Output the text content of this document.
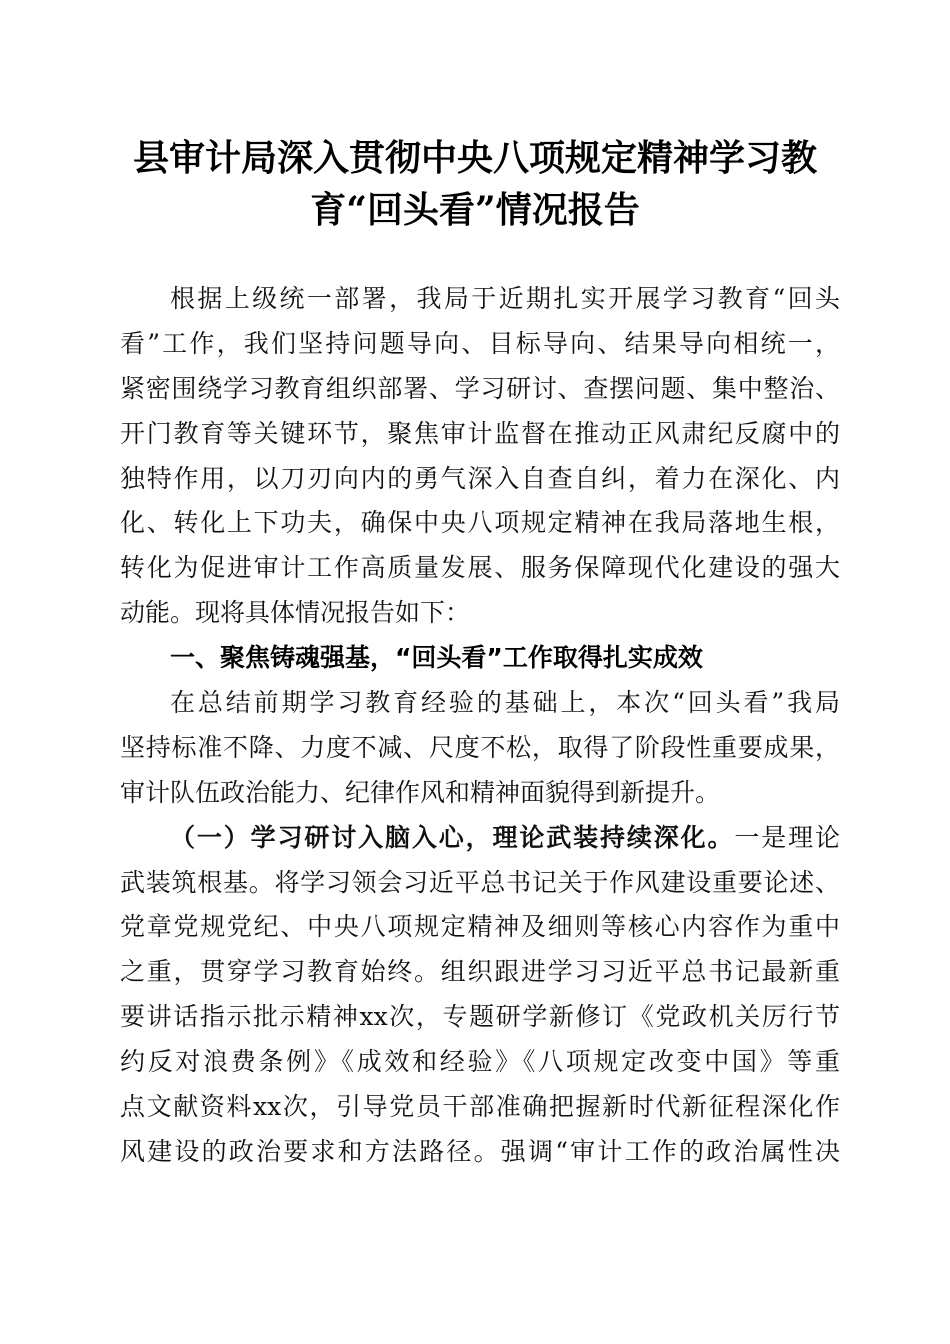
县审计局深入贯彻中央八项规定精神学习教
育“回头看”情况报告
根据上级统一部署，我局于近期扎实开展学习教育“回头
看”工作，我们坚持问题导向、目标导向、结果导向相统一，
紧密围绕学习教育组织部署、学习研讨、查摆问题、集中整治、
开门教育等关键环节，聚焦审计监督在推动正风肃纪反腐中的
独特作用，以刀刃向内的勇气深入自查自纠，着力在深化、内
化、转化上下功夫，确保中央八项规定精神在我局落地生根，
转化为促进审计工作高质量发展、服务保障现代化建设的强大
动能。现将具体情况报告如下：
一、聚焦铸魂强基，“回头看”工作取得扎实成效
在总结前期学习教育经验的基础上，本次“回头看”我局
坚持标准不降、力度不减、尺度不松，取得了阶段性重要成果，
审计队伍政治能力、纪律作风和精神面貌得到新提升。
（一）学习研讨入脑入心，理论武装持续深化。一是理论
武装筑根基。将学习领会习近平总书记关于作风建设重要论述、
党章党规党纪、中央八项规定精神及细则等核心内容作为重中
之重，贯穿学习教育始终。组织跟进学习习近平总书记最新重
要讲话指示批示精神xx次，专题研学新修订《党政机关厉行节
约反对浪费条例》《成效和经验》《八项规定改变中国》等重
点文献资料xx次，引导党员干部准确把握新时代新征程深化作
风建设的政治要求和方法路径。强调“审计工作的政治属性决
